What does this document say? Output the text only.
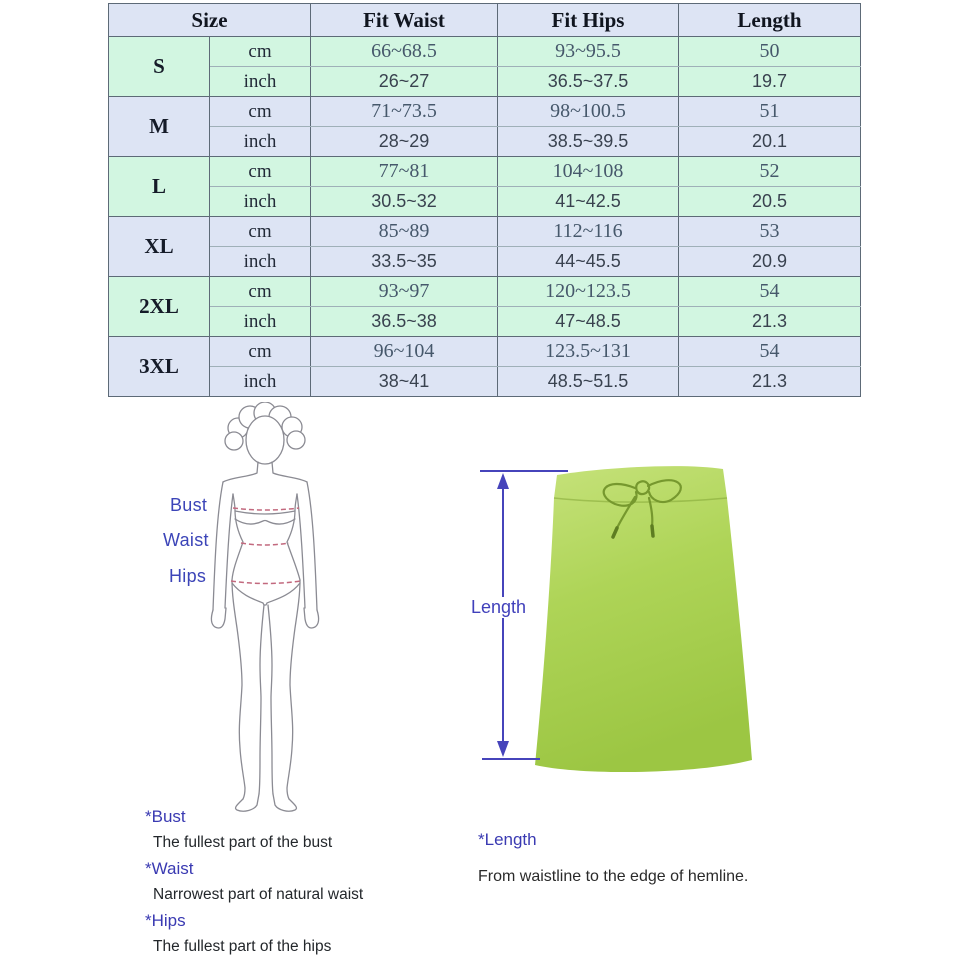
Size		Fit Waist	Fit Hips	Length
S	cm	66~68.5	93~95.5	50
	inch	26~27	36.5~37.5	19.7
M	cm	71~73.5	98~100.5	51
	inch	28~29	38.5~39.5	20.1
L	cm	77~81	104~108	52
	inch	30.5~32	41~42.5	20.5
XL	cm	85~89	112~116	53
	inch	33.5~35	44~45.5	20.9
2XL	cm	93~97	120~123.5	54
	inch	36.5~38	47~48.5	21.3
3XL	cm	96~104	123.5~131	54
	inch	38~41	48.5~51.5	21.3
Bust
Waist
Hips
Length
*Bust
The fullest part of the bust
*Waist
Narrowest part of natural waist
*Hips
The fullest part of the hips
*Length
From waistline to the edge of hemline.
